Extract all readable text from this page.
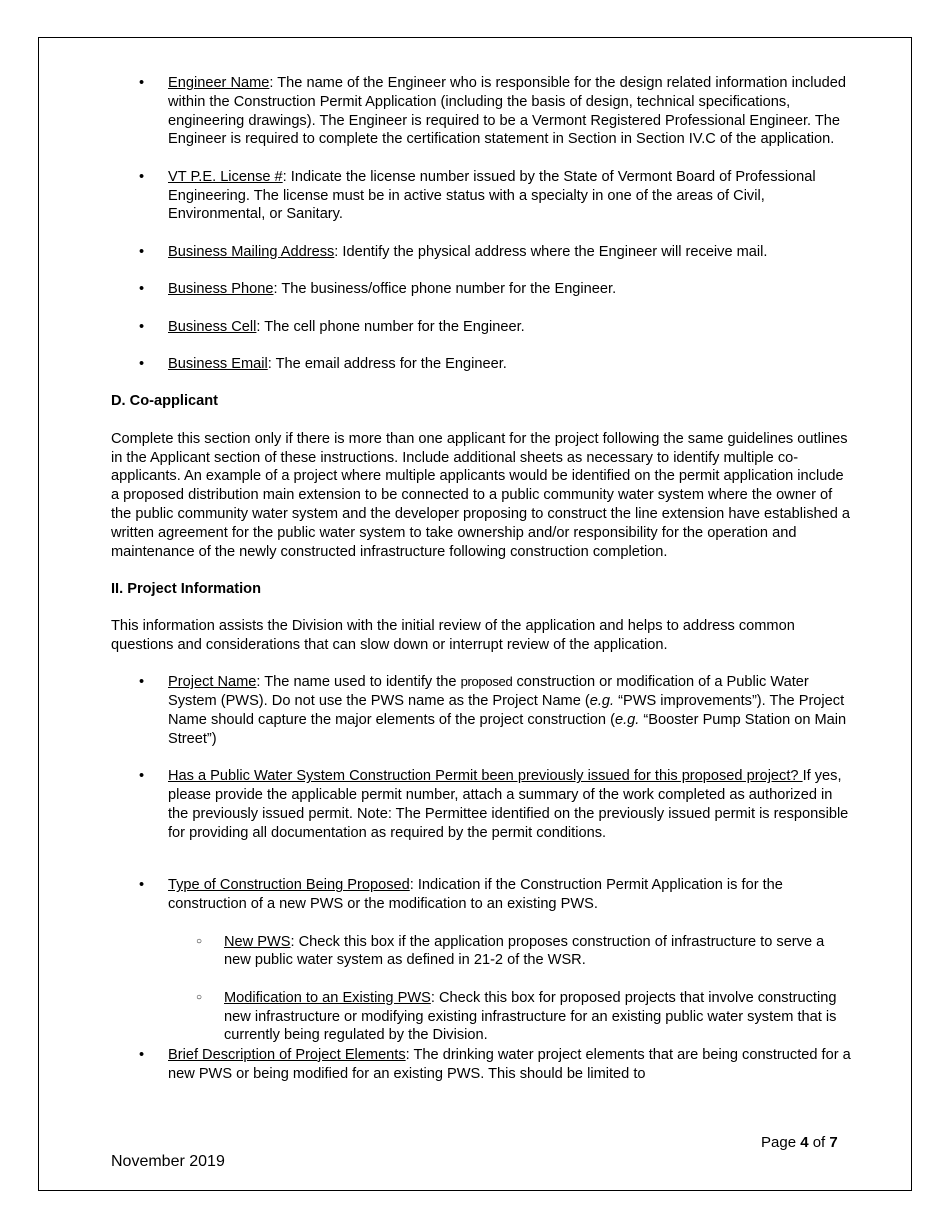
• Engineer Name: The name of the Engineer who is responsible for the design related information included within the Construction Permit Application (including the basis of design, technical specifications, engineering drawings). The Engineer is required to be a Vermont Registered Professional Engineer. The Engineer is required to complete the certification statement in Section in Section IV.C of the application.
• VT P.E. License #: Indicate the license number issued by the State of Vermont Board of Professional Engineering. The license must be in active status with a specialty in one of the areas of Civil, Environmental, or Sanitary.
• Business Mailing Address: Identify the physical address where the Engineer will receive mail.
• Business Phone: The business/office phone number for the Engineer.
• Business Cell: The cell phone number for the Engineer.
• Business Email: The email address for the Engineer.
D. Co-applicant

Complete this section only if there is more than one applicant for the project following the same guidelines outlines in the Applicant section of these instructions. Include additional sheets as necessary to identify multiple co-applicants. An example of a project where multiple applicants would be identified on the permit application include a proposed distribution main extension to be connected to a public community water system where the owner of the public community water system and the developer proposing to construct the line extension have established a written agreement for the public water system to take ownership and/or responsibility for the operation and maintenance of the newly constructed infrastructure following construction completion.

II. Project Information

This information assists the Division with the initial review of the application and helps to address common questions and considerations that can slow down or interrupt review of the application.

• Project Name: The name used to identify the proposed construction or modification of a Public Water System (PWS). Do not use the PWS name as the Project Name (e.g. “PWS improvements”). The Project Name should capture the major elements of the project construction (e.g. “Booster Pump Station on Main Street”)
• Has a Public Water System Construction Permit been previously issued for this proposed project? If yes, please provide the applicable permit number, attach a summary of the work completed as authorized in the previously issued permit. Note: The Permittee identified on the previously issued permit is responsible for providing all documentation as required by the permit conditions.
• Type of Construction Being Proposed: Indication if the Construction Permit Application is for the construction of a new PWS or the modification to an existing PWS.
○ New PWS: Check this box if the application proposes construction of infrastructure to serve a new public water system as defined in 21-2 of the WSR.
○ Modification to an Existing PWS: Check this box for proposed projects that involve constructing new infrastructure or modifying existing infrastructure for an existing public water system that is currently being regulated by the Division.
• Brief Description of Project Elements: The drinking water project elements that are being constructed for a new PWS or being modified for an existing PWS. This should be limited to
Page 4 of 7
November 2019
